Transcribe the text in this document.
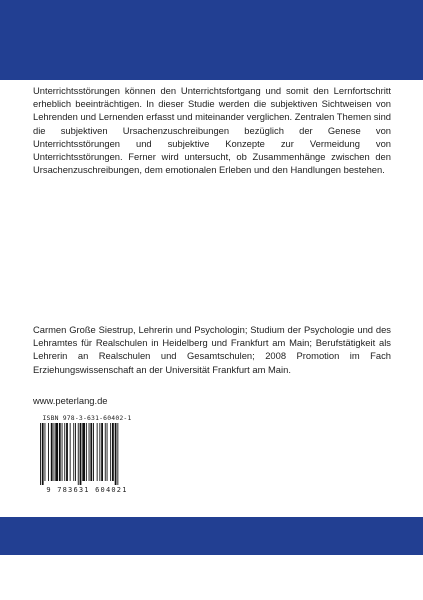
Unterrichtsstörungen können den Unterrichtsfortgang und somit den Lernfortschritt erheblich beeinträchtigen. In dieser Studie werden die subjektiven Sichtweisen von Lehrenden und Lernenden erfasst und miteinander verglichen. Zentralen Themen sind die subjektiven Ursachenzuschreibungen bezüglich der Genese von Unterrichtsstörungen und subjektive Konzepte zur Vermeidung von Unterrichtsstörungen. Ferner wird untersucht, ob Zusammenhänge zwischen den Ursachenzuschreibungen, dem emotionalen Erleben und den Handlungen bestehen.
Carmen Große Siestrup, Lehrerin und Psychologin; Studium der Psychologie und des Lehramtes für Realschulen in Heidelberg und Frankfurt am Main; Berufstätigkeit als Lehrerin an Realschulen und Gesamtschulen; 2008 Promotion im Fach Erziehungswissenschaft an der Universität Frankfurt am Main.
www.peterlang.de
ISBN 978-3-631-60402-1
9 783631 604021
